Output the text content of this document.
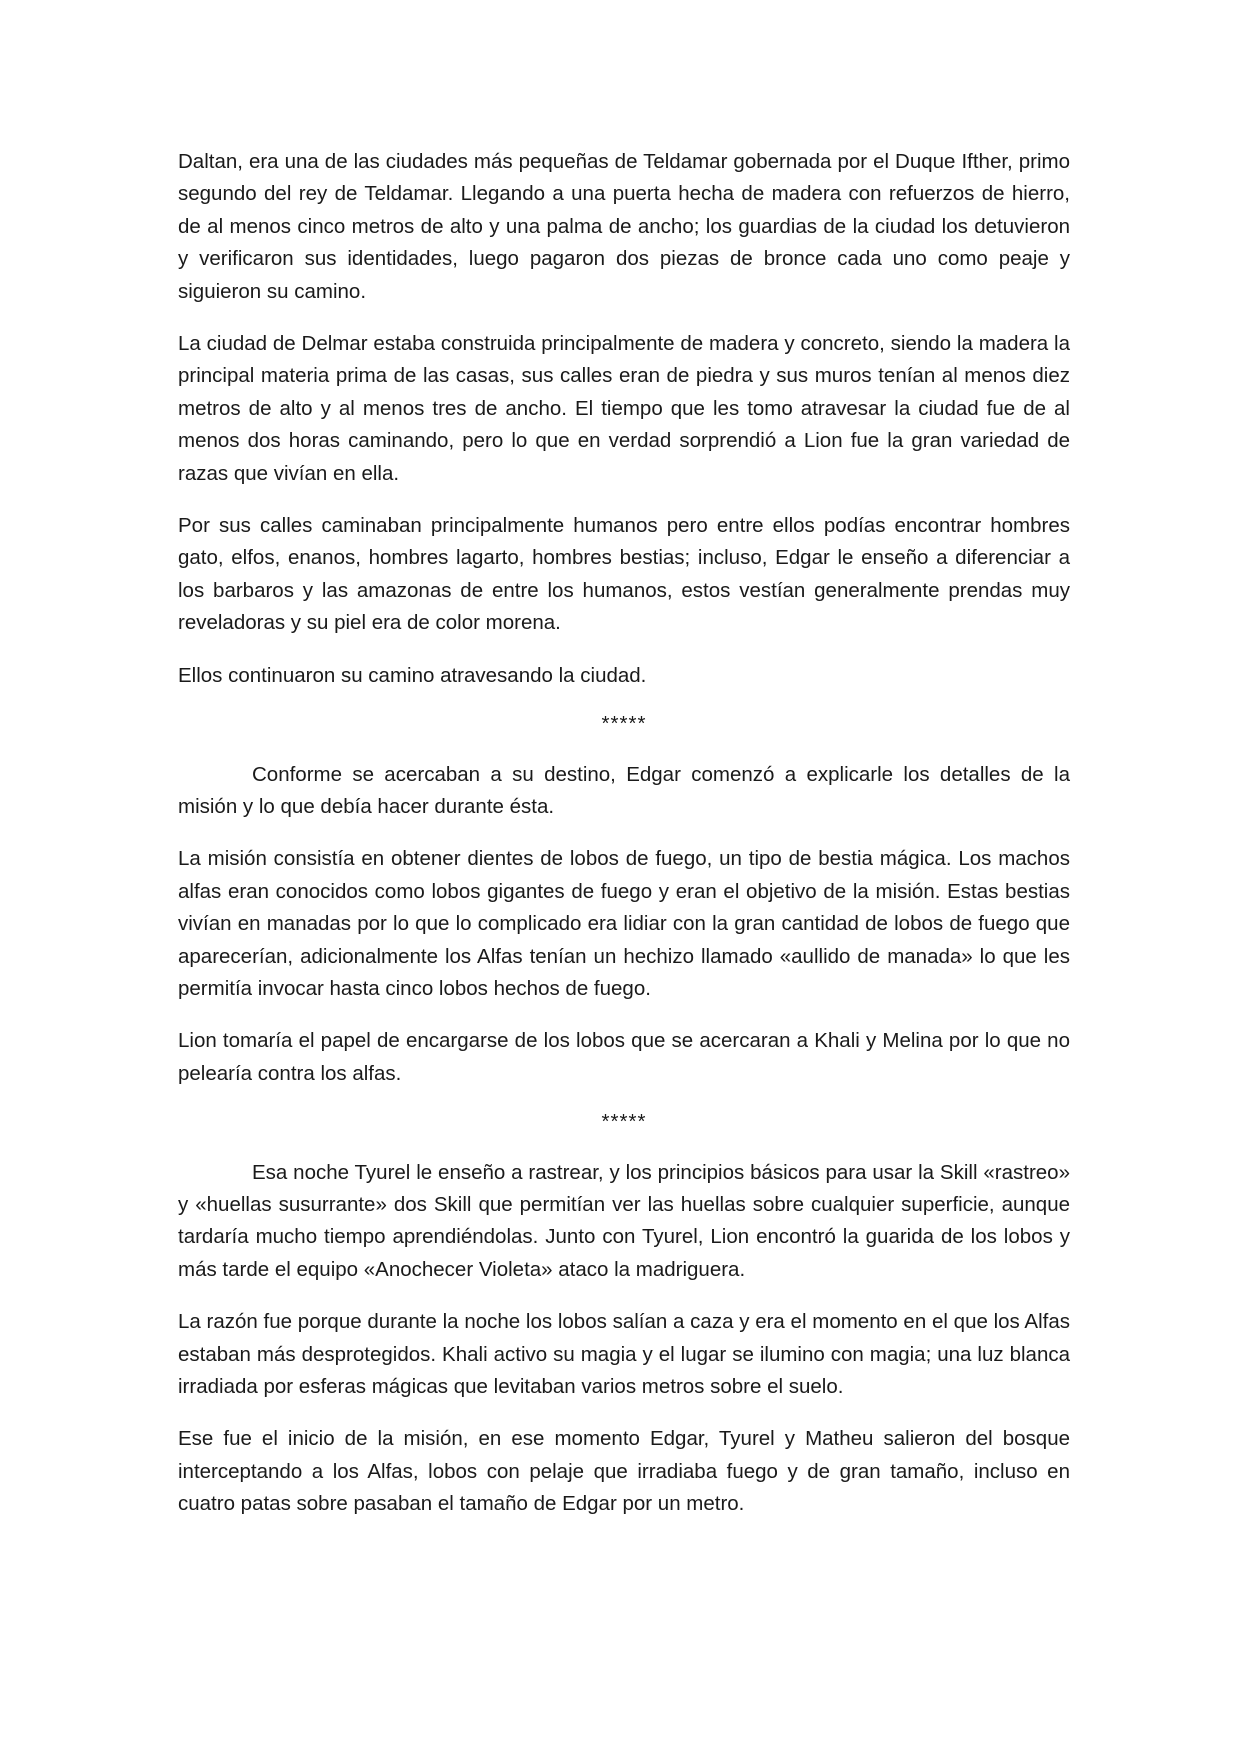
Daltan, era una de las ciudades más pequeñas de Teldamar gobernada por el Duque Ifther, primo segundo del rey de Teldamar. Llegando a una puerta hecha de madera con refuerzos de hierro, de al menos cinco metros de alto y una palma de ancho; los guardias de la ciudad los detuvieron y verificaron sus identidades, luego pagaron dos piezas de bronce cada uno como peaje y siguieron su camino.

La ciudad de Delmar estaba construida principalmente de madera y concreto, siendo la madera la principal materia prima de las casas, sus calles eran de piedra y sus muros tenían al menos diez metros de alto y al menos tres de ancho. El tiempo que les tomo atravesar la ciudad fue de al menos dos horas caminando, pero lo que en verdad sorprendió a Lion fue la gran variedad de razas que vivían en ella.

Por sus calles caminaban principalmente humanos pero entre ellos podías encontrar hombres gato, elfos, enanos, hombres lagarto, hombres bestias; incluso, Edgar le enseño a diferenciar a los barbaros y las amazonas de entre los humanos, estos vestían generalmente prendas muy reveladoras y su piel era de color morena.

Ellos continuaron su camino atravesando la ciudad.

*****

Conforme se acercaban a su destino, Edgar comenzó a explicarle los detalles de la misión y lo que debía hacer durante ésta.

La misión consistía en obtener dientes de lobos de fuego, un tipo de bestia mágica. Los machos alfas eran conocidos como lobos gigantes de fuego y eran el objetivo de la misión. Estas bestias vivían en manadas por lo que lo complicado era lidiar con la gran cantidad de lobos de fuego que aparecerían, adicionalmente los Alfas tenían un hechizo llamado «aullido de manada» lo que les permitía invocar hasta cinco lobos hechos de fuego.

Lion tomaría el papel de encargarse de los lobos que se acercaran a Khali y Melina por lo que no pelearía contra los alfas.

*****

Esa noche Tyurel le enseño a rastrear, y los principios básicos para usar la Skill «rastreo» y «huellas susurrante» dos Skill que permitían ver las huellas sobre cualquier superficie, aunque tardaría mucho tiempo aprendiéndolas. Junto con Tyurel, Lion encontró la guarida de los lobos y más tarde el equipo «Anochecer Violeta» ataco la madriguera.

La razón fue porque durante la noche los lobos salían a caza y era el momento en el que los Alfas estaban más desprotegidos. Khali activo su magia y el lugar se ilumino con magia; una luz blanca irradiada por esferas mágicas que levitaban varios metros sobre el suelo.

Ese fue el inicio de la misión, en ese momento Edgar, Tyurel y Matheu salieron del bosque interceptando a los Alfas, lobos con pelaje que irradiaba fuego y de gran tamaño, incluso en cuatro patas sobre pasaban el tamaño de Edgar por un metro.
